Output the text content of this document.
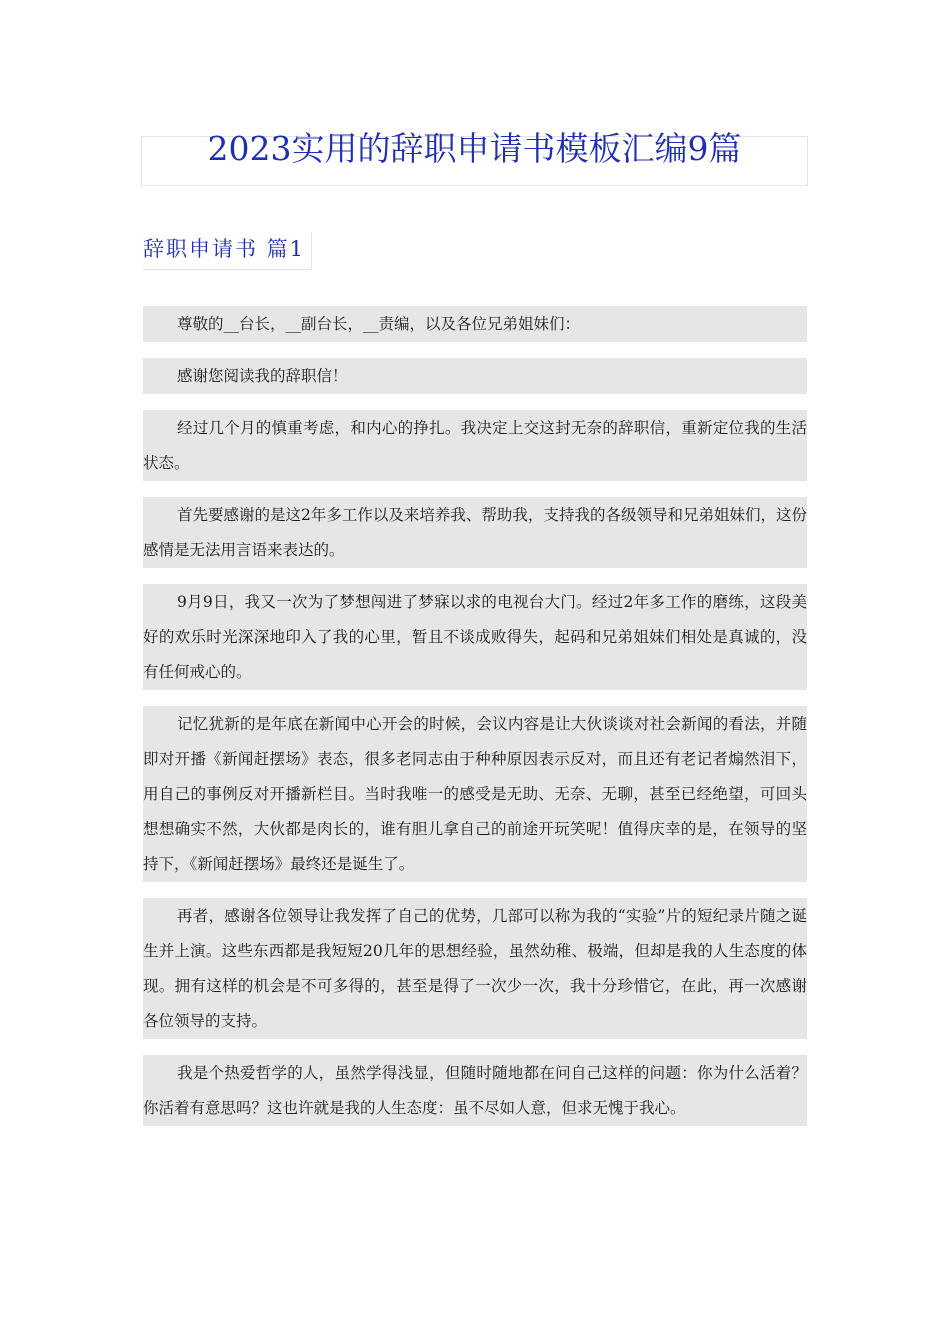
2023实用的辞职申请书模板汇编9篇
辞职申请书 篇1

尊敬的__台长，__副台长，__责编，以及各位兄弟姐妹们：

感谢您阅读我的辞职信！

经过几个月的慎重考虑，和内心的挣扎。我决定上交这封无奈的辞职信，重新定位我的生活状态。

首先要感谢的是这2年多工作以及来培养我、帮助我，支持我的各级领导和兄弟姐妹们，这份感情是无法用言语来表达的。

9月9日，我又一次为了梦想闯进了梦寐以求的电视台大门。经过2年多工作的磨练，这段美好的欢乐时光深深地印入了我的心里，暂且不谈成败得失，起码和兄弟姐妹们相处是真诚的，没有任何戒心的。

记忆犹新的是年底在新闻中心开会的时候，会议内容是让大伙谈谈对社会新闻的看法，并随即对开播《新闻赶摆场》表态，很多老同志由于种种原因表示反对，而且还有老记者煽然泪下，用自己的事例反对开播新栏目。当时我唯一的感受是无助、无奈、无聊，甚至已经绝望，可回头想想确实不然，大伙都是肉长的，谁有胆儿拿自己的前途开玩笑呢！值得庆幸的是，在领导的坚持下，《新闻赶摆场》最终还是诞生了。

再者，感谢各位领导让我发挥了自己的优势，几部可以称为我的“实验”片的短纪录片随之诞生并上演。这些东西都是我短短20几年的思想经验，虽然幼稚、极端，但却是我的人生态度的体现。拥有这样的机会是不可多得的，甚至是得了一次少一次，我十分珍惜它，在此，再一次感谢各位领导的支持。

我是个热爱哲学的人，虽然学得浅显，但随时随地都在问自己这样的问题：你为什么活着？你活着有意思吗？这也许就是我的人生态度：虽不尽如人意，但求无愧于我心。
